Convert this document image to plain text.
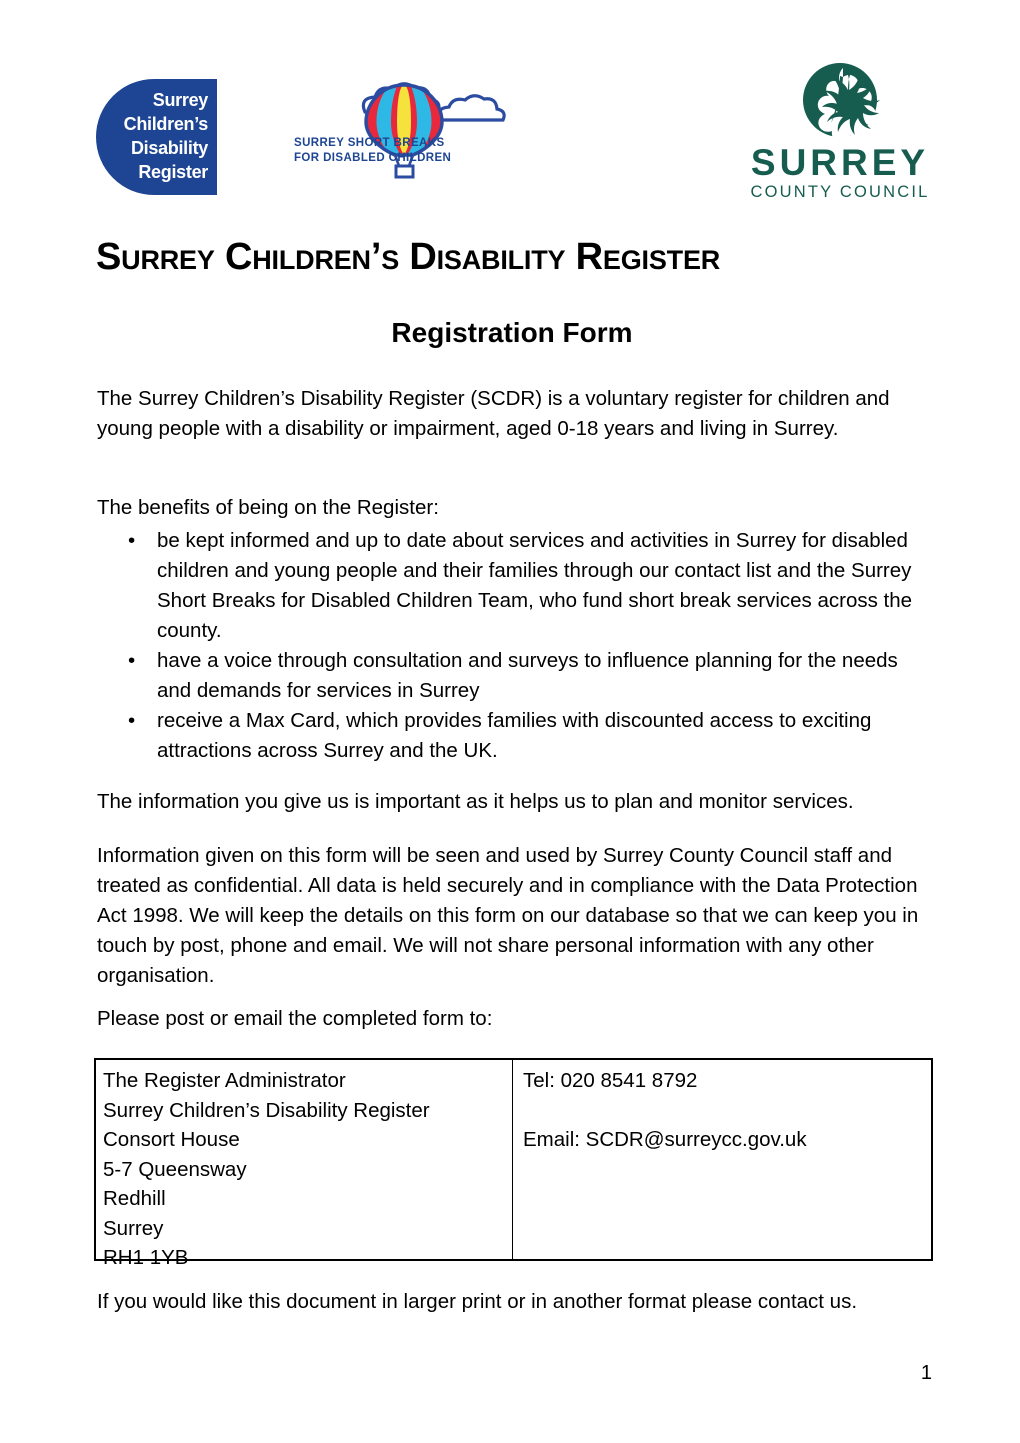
Surrey
Children’s
Disability
Register
SURREY SHORT BREAKS
FOR DISABLED CHILDREN	SURREY
COUNTY COUNCIL
Surrey Children’s Disability Register
Registration Form

The Surrey Children’s Disability Register (SCDR) is a voluntary register for children and young people with a disability or impairment, aged 0-18 years and living in Surrey.

The benefits of being on the Register:

• be kept informed and up to date about services and activities in Surrey for disabled children and young people and their families through our contact list and the Surrey Short Breaks for Disabled Children Team, who fund short break services across the county.

• have a voice through consultation and surveys to influence planning for the needs and demands for services in Surrey

• receive a Max Card, which provides families with discounted access to exciting attractions across Surrey and the UK.

The information you give us is important as it helps us to plan and monitor services.

Information given on this form will be seen and used by Surrey County Council staff and treated as confidential. All data is held securely and in compliance with the Data Protection Act 1998. We will keep the details on this form on our database so that we can keep you in touch by post, phone and email. We will not share personal information with any other organisation.

Please post or email the completed form to:

The Register Administrator
Surrey Children’s Disability Register
Consort House
5-7 Queensway
Redhill
Surrey
RH1 1YB
Tel: 020 8541 8792
Email: SCDR@surreycc.gov.uk

If you would like this document in larger print or in another format please contact us.

1
